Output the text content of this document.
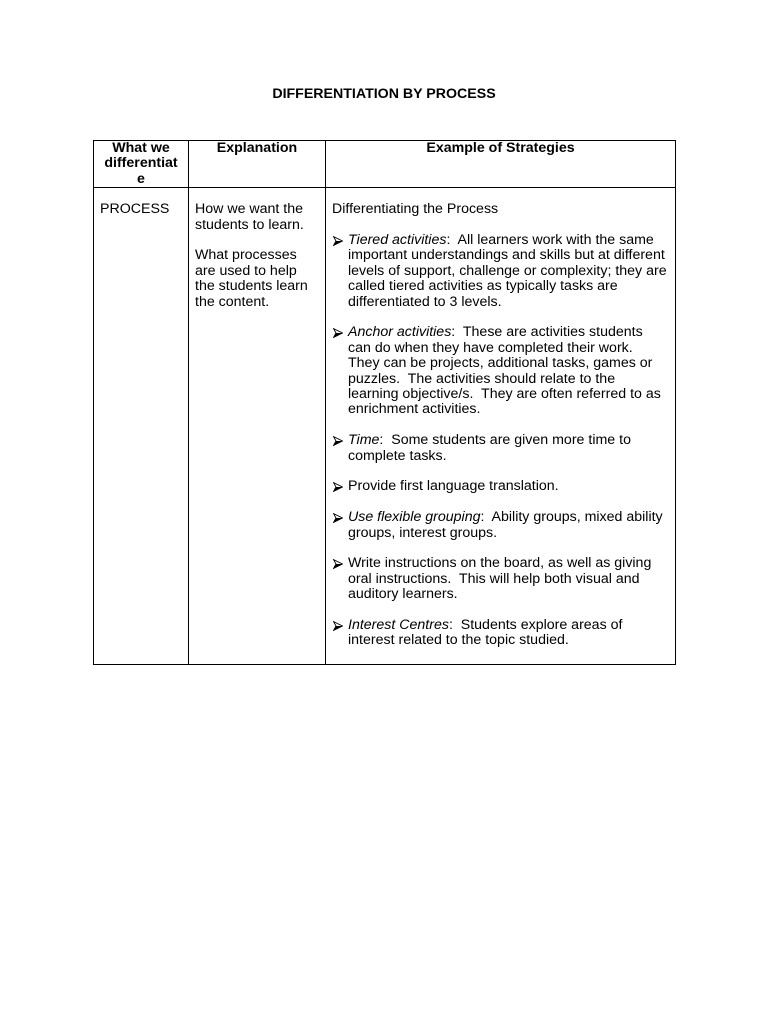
DIFFERENTIATION BY PROCESS
What we
differentiat
e
Explanation	Example of Strategies
PROCESS	How we want the
students to learn.
What processes
are used to help
the students learn
the content.
Differentiating the Process
Tiered activities:  All learners work with the same
important understandings and skills but at different
levels of support, challenge or complexity; they are
called tiered activities as typically tasks are
differentiated to 3 levels.
Anchor activities:  These are activities students
can do when they have completed their work.
They can be projects, additional tasks, games or
puzzles.  The activities should relate to the
learning objective/s.  They are often referred to as
enrichment activities.
Time:  Some students are given more time to
complete tasks.
Provide first language translation.
Use flexible grouping:  Ability groups, mixed ability
groups, interest groups.
Write instructions on the board, as well as giving
oral instructions.  This will help both visual and
auditory learners.
Interest Centres:  Students explore areas of
interest related to the topic studied.
